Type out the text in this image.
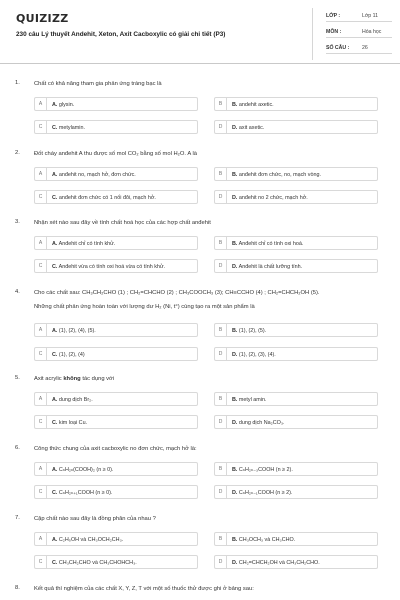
QUIZIZZ
230 câu Lý thuyết Andehit, Xeton, Axit Cacboxylic có giải chi tiết (P3)
LỚP :	Lớp 11
MÔN :	Hóa học
SỐ CÂU : 26
1. Chất có khả năng tham gia phản ứng tráng bạc là
A	A. glysin.	B	B. andehit axetic.
C	C. metylamin.	D	D. axit axetic.
2. Đốt cháy anđehit A thu được số mol CO₂ bằng số mol H₂O. A là
A	A. anđehit no, mạch hở, đơn chức.	B	B. anđehit đơn chức, no, mạch vòng.
C	C. anđehit đơn chức có 1 nối đôi, mạch hở.	D	D. anđehit no 2 chức, mạch hở.
3. Nhận xét nào sau đây về tính chất hoá học của các hợp chất anđehit
A	A. Anđehit chỉ có tính khử.	B	B. Anđehit chỉ có tính oxi hoá.
C	C. Anđehit vừa có tính oxi hoá vừa có tính khử.	D	D. Anđehit là chất lưỡng tính.
4. Cho các chất sau: CH₃CH₂CHO (1) ; CH₂=CHCHO (2) ; CH₃COOCH₃ (3); CH≡CCHO (4) ; CH₂=CHCH₂OH (5).
Những chất phản ứng hoàn toàn với lượng dư H₂ (Ni, t°) cùng tạo ra một sản phẩm là
A	A. (1), (2), (4), (5).	B	B. (1), (2), (5).
C	C. (1), (2), (4)	D	D. (1), (2), (3), (4).
5. Axit acrylic không tác dụng với
A	A. dung dịch Br₂.	B	B. metyl amin.
C	C. kim loại Cu.	D	D. dung dịch Na₂CO₃.
6. Công thức chung của axit cacboxylic no đơn chức, mạch hở là:
A	A. CₙH₂ₙ(COOH)₂ (n ≥ 0).	B	B. CₙH₂ₙ₋₃COOH (n ≥ 2).
C	C. CₙH₂ₙ₊₁COOH (n ≥ 0).	D	D. CₙH₂ₙ₋₁COOH (n ≥ 2).
7. Cặp chất nào sau đây là đồng phân của nhau ?
A	A. C₂H₅OH và CH₃OCH₂CH₃.	B	B. CH₃OCH₃ và CH₃CHO.
C	C. CH₃CH₂CHO và CH₃CHOHCH₃.	D	D. CH₂=CHCH₂OH và CH₃CH₂CHO.
8. Kết quả thí nghiệm của các chất X, Y, Z, T với một số thuốc thử được ghi ở bảng sau:
